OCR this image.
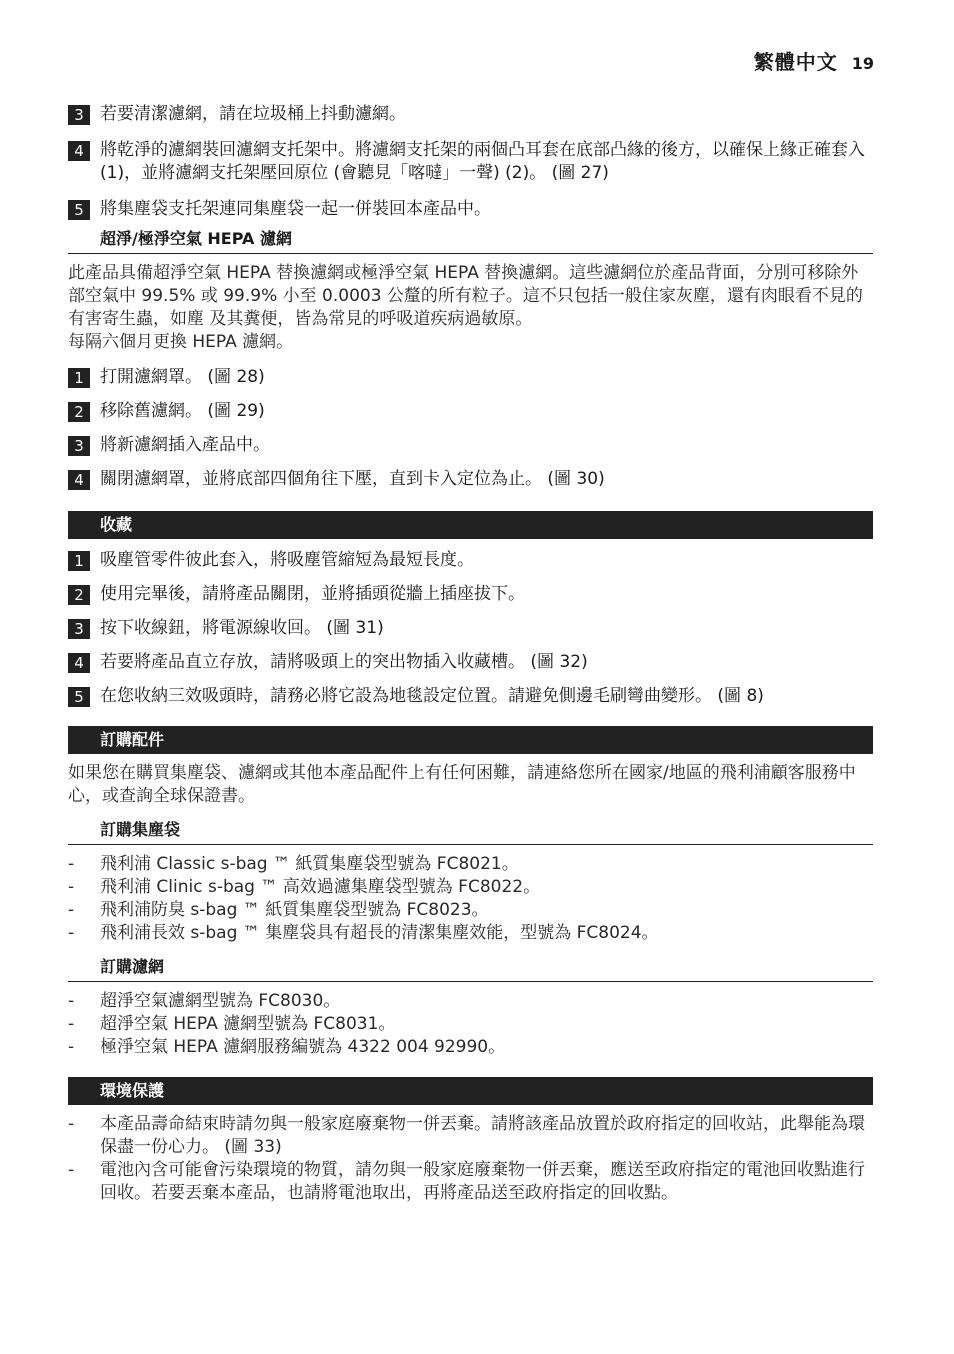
繁體中文 19
3 若要清潔濾網，請在垃圾桶上抖動濾網。
4 將乾淨的濾網裝回濾網支托架中。將濾網支托架的兩個凸耳套在底部凸緣的後方，以確保上緣正確套入 (1)，並將濾網支托架壓回原位 (會聽見「喀噠」一聲) (2)。 (圖 27)
5 將集塵袋支托架連同集塵袋一起一併裝回本產品中。
超淨/極淨空氣 HEPA 濾網
此產品具備超淨空氣 HEPA 替換濾網或極淨空氣 HEPA 替換濾網。這些濾網位於產品背面，分別可移除外部空氣中 99.5% 或 99.9% 小至 0.0003 公釐的所有粒子。這不只包括一般住家灰塵，還有肉眼看不見的有害寄生蟲，如塵 及其糞便，皆為常見的呼吸道疾病過敏原。
每隔六個月更換 HEPA 濾網。
1 打開濾網罩。 (圖 28)
2 移除舊濾網。 (圖 29)
3 將新濾網插入產品中。
4 關閉濾網罩，並將底部四個角往下壓，直到卡入定位為止。 (圖 30)
收藏
1 吸塵管零件彼此套入，將吸塵管縮短為最短長度。
2 使用完畢後，請將產品關閉，並將插頭從牆上插座拔下。
3 按下收線鈕，將電源線收回。 (圖 31)
4 若要將產品直立存放，請將吸頭上的突出物插入收藏槽。 (圖 32)
5 在您收納三效吸頭時，請務必將它設為地毯設定位置。請避免側邊毛刷彎曲變形。 (圖 8)
訂購配件
如果您在購買集塵袋、濾網或其他本產品配件上有任何困難，請連絡您所在國家/地區的飛利浦顧客服務中心，或查詢全球保證書。
訂購集塵袋
-	飛利浦 Classic s-bag ™ 紙質集塵袋型號為 FC8021。
-	飛利浦 Clinic s-bag ™ 高效過濾集塵袋型號為 FC8022。
-	飛利浦防臭 s-bag ™ 紙質集塵袋型號為 FC8023。
-	飛利浦長效 s-bag ™ 集塵袋具有超長的清潔集塵效能，型號為 FC8024。
訂購濾網
-	超淨空氣濾網型號為 FC8030。
-	超淨空氣 HEPA 濾網型號為 FC8031。
-	極淨空氣 HEPA 濾網服務編號為 4322 004 92990。
環境保護
-	本產品壽命結束時請勿與一般家庭廢棄物一併丟棄。請將該產品放置於政府指定的回收站，此舉能為環保盡一份心力。 (圖 33)
-	電池內含可能會污染環境的物質，請勿與一般家庭廢棄物一併丟棄，應送至政府指定的電池回收點進行回收。若要丟棄本產品，也請將電池取出，再將產品送至政府指定的回收點。
